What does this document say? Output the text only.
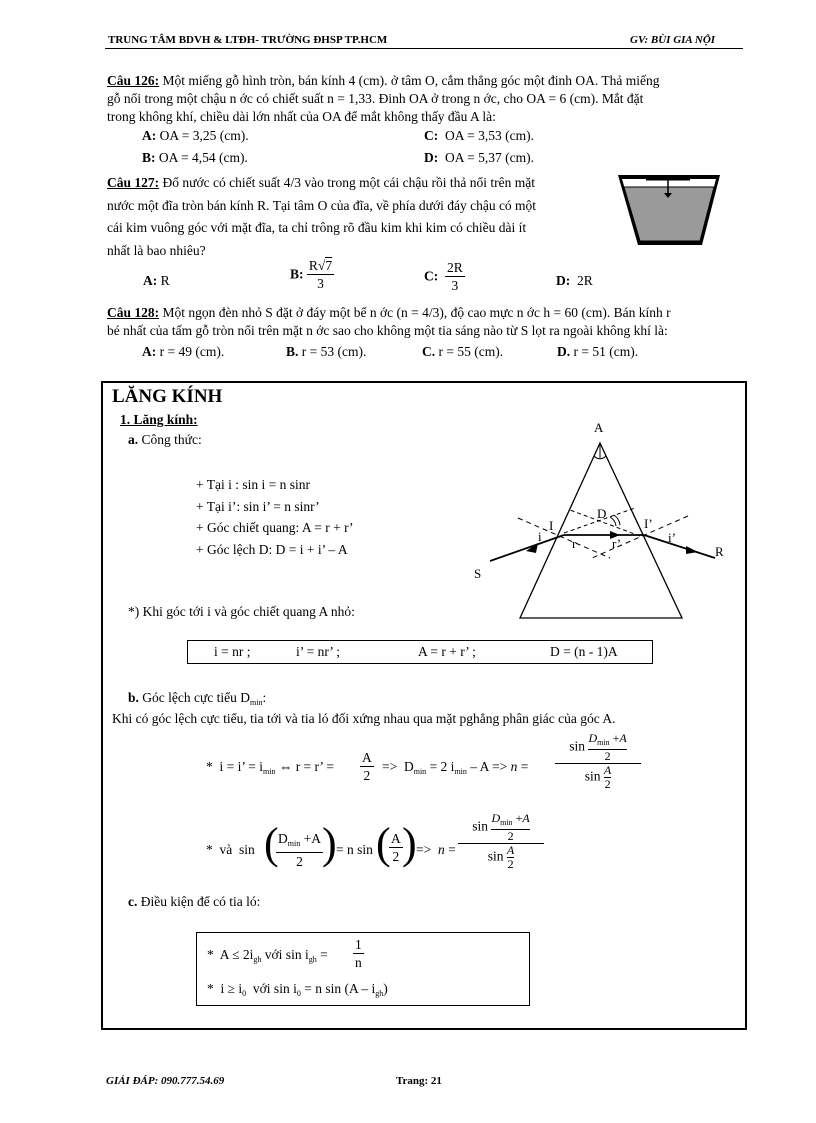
TRUNG TÂM BDVH & LTĐH- TRƯỜNG ĐHSP TP.HCM	GV: BÙI GIA NỘI
Câu 126: Một miếng gỗ hình tròn, bán kính 4 (cm). ở tâm O, cắm thẳng góc một đinh OA. Thả miếng
gỗ nổi trong một chậu n ớc có chiết suất n = 1,33. Đinh OA ở trong n ớc, cho OA = 6 (cm). Mắt đặt
trong không khí, chiều dài lớn nhất của OA để mắt không thấy đầu A là:
A: OA = 3,25 (cm).	C: OA = 3,53 (cm).
B: OA = 4,54 (cm).	D: OA = 5,37 (cm).
Câu 127: Đổ nước có chiết suất 4/3 vào trong một cái chậu rồi thả nổi trên mặt
nước một đĩa tròn bán kính R. Tại tâm O của đĩa, về phía dưới đáy chậu có một
cái kim vuông góc với mặt đĩa, ta chỉ trông rõ đầu kim khi kim có chiều dài ít
nhất là bao nhiêu?
A: R	B: $\frac{R√7}{3}$	C: $\frac{2R}{3}$	D: 2R
Câu 128: Một ngọn đèn nhỏ S đặt ở đáy một bể n ớc (n = 4/3), độ cao mực n ớc h = 60 (cm). Bán kính r
bé nhất của tấm gỗ tròn nổi trên mặt n ớc sao cho không một tia sáng nào từ S lọt ra ngoài không khí là:
A: r = 49 (cm).	B. r = 53 (cm).	C. r = 55 (cm).	D. r = 51 (cm).
LĂNG KÍNH
1. Lăng kính:
a. Công thức:
+ Tại i : sin i = n sinr
+ Tại i’: sin i’ = n sinr’
+ Góc chiết quang: A = r + r’
+ Góc lệch D: D = i + i’ – A
D
A
I	I’
i	i’
r	r’
R
S
*) Khi góc tới i và góc chiết quang A nhỏ:
i = nr ;	i’ = nr’ ;	A = r + r’ ;	D = (n - 1)A
b. Góc lệch cực tiểu $D_{min}$:
Khi có góc lệch cực tiểu, tia tới và tia ló đối xứng nhau qua mặt pghẳng phân giác của góc A.
*  i = i’ = $i_{min}$ ⇔ r = r’ = $\frac{A}{2} => D_{min} = 2$ $i_{min} - A => n$ =
sin
$D_{min} +A$
2
$\sin \frac{A}{2}$
*  và  sin ( $D_{min} +A$
2 ) = n sin (
$\frac{A}{2}$ ) =>  n =
sin
$D_{min} +A$
2
$\sin \frac{A}{2}$
c. Điều kiện để có tia ló:
*  $A \le 2i_{gh}$ với $\sin i_{gh} = \frac{1}{n}$
*  $i \ge i_0$  với $\sin i_0 = n$ $\sin (A - i_{gh})$
GIẢI ĐÁP: 090.777.54.69	Trang: 21
